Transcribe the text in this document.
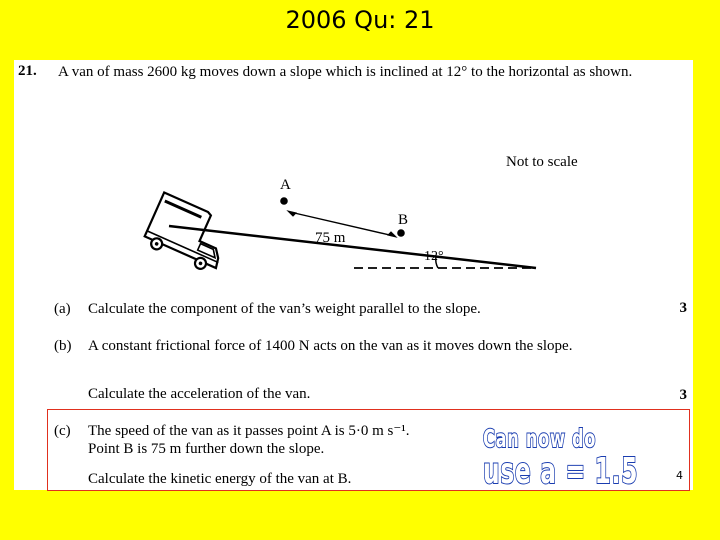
2006 Qu: 21
21. A van of mass 2600 kg moves down a slope which is inclined at 12° to the horizontal as shown.
Not to scale
A
B
75 m
12°
(a)	Calculate the component of the van’s weight parallel to the slope.	3
(b)	A constant frictional force of 1400 N acts on the van as it moves down the slope.
Calculate the acceleration of the van.	3
(c)	The speed of the van as it passes point A is 5·0 m s⁻¹.
Point B is 75 m further down the slope.
Calculate the kinetic energy of the van at B.
Can now do
use a = 1.5	4
